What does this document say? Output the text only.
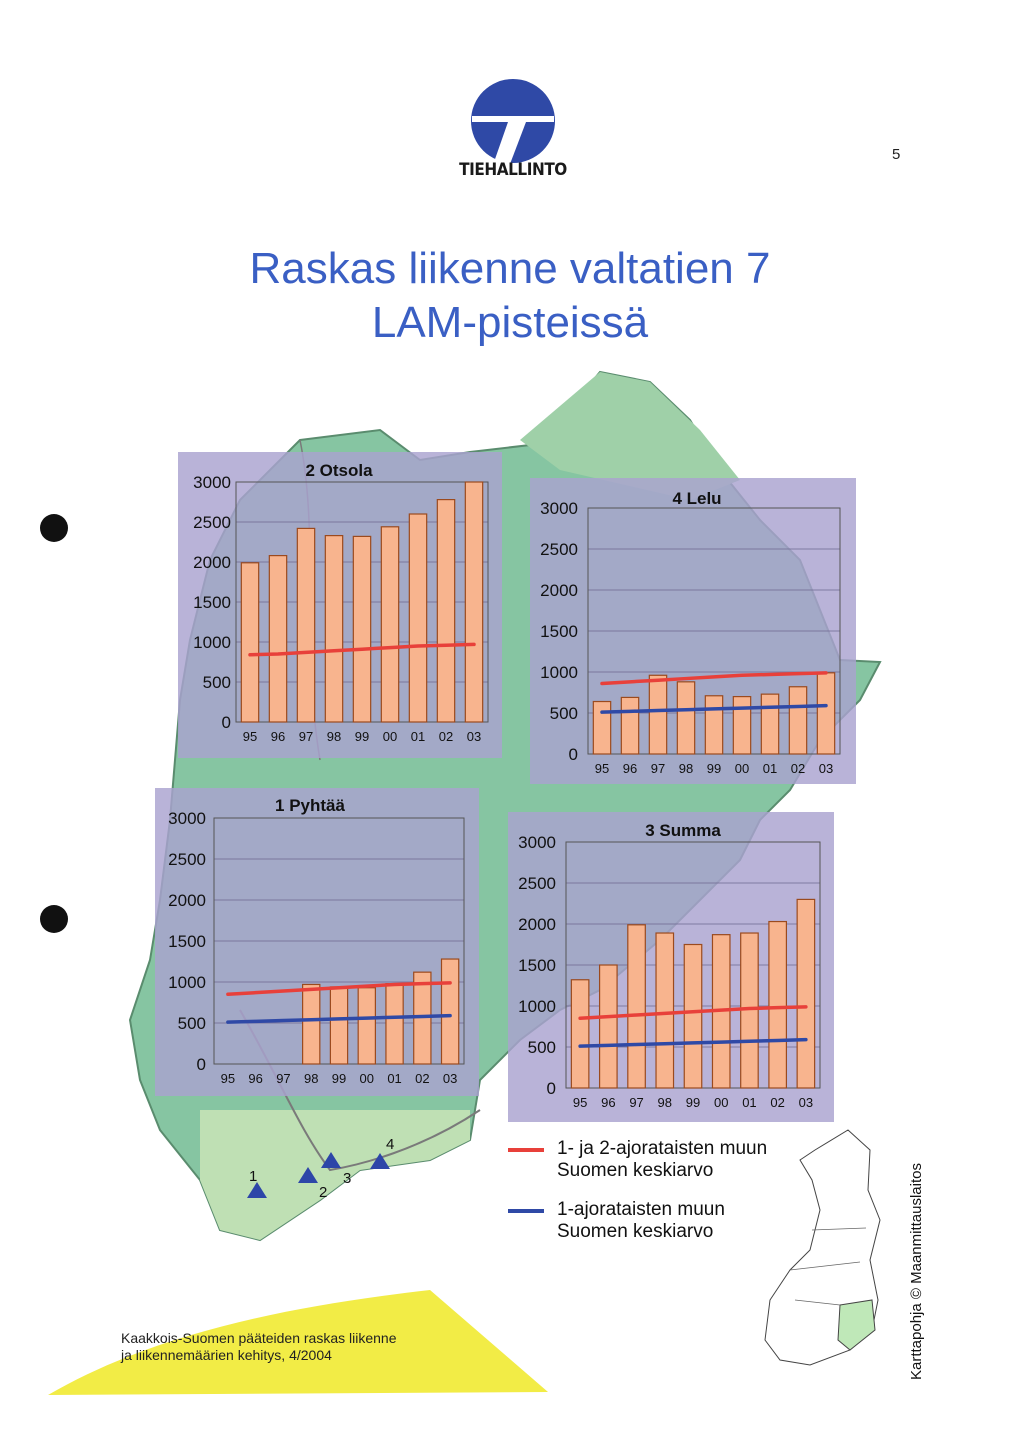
TIEHALLINTO
5
Raskas liikenne valtatien 7
LAM-pisteissä
0
500
1000
1500
2000
2500
3000
95 96 97 98 99 00 01 02 03
2 Otsola
0
500
1000
1500
2000
2500
3000
95 96 97 98 99 00 01 02 03
4 Lelu
0
500
1000
1500
2000
2500
3000
95 96 97 98 99 00 01 02 03
1 Pyhtää
0
500
1000
1500
2000
2500
3000
95 96 97 98 99 00 01 02 03
3 Summa
1
2
3
4	1- ja 2-ajorataisten muun
Suomen keskiarvo
1-ajorataisten muun
Suomen keskiarvo	Karttapohja © Maanmittauslaitos
Kaakkois-Suomen pääteiden raskas liikenne
ja liikennemäärien kehitys, 4/2004
